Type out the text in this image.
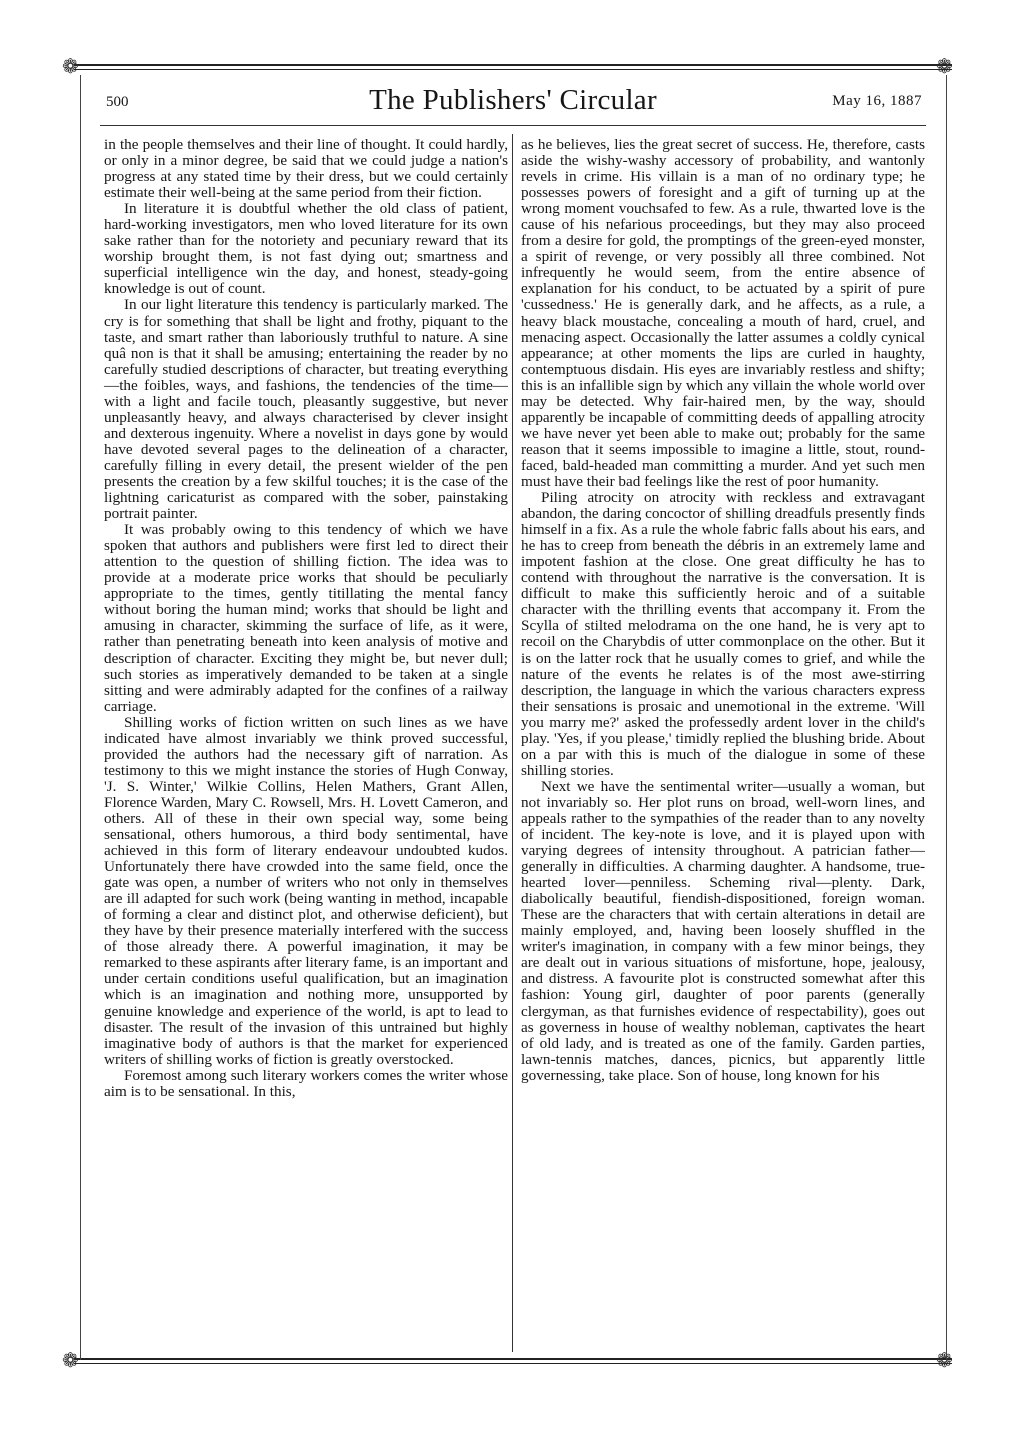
❁	❁
❁	❁
500	The Publishers' Circular	May 16, 1887

in the people themselves and their line of thought. It could hardly, or only in a minor degree, be said that we could judge a nation's progress at any stated time by their dress, but we could certainly estimate their well-being at the same period from their fiction.

In literature it is doubtful whether the old class of patient, hard-working investigators, men who loved literature for its own sake rather than for the notoriety and pecuniary reward that its worship brought them, is not fast dying out; smartness and superficial intelligence win the day, and honest, steady-going knowledge is out of count.

In our light literature this tendency is particularly marked. The cry is for something that shall be light and frothy, piquant to the taste, and smart rather than laboriously truthful to nature. A sine quâ non is that it shall be amusing; entertaining the reader by no carefully studied descriptions of character, but treating everything—the foibles, ways, and fashions, the tendencies of the time—with a light and facile touch, pleasantly suggestive, but never unpleasantly heavy, and always characterised by clever insight and dexterous ingenuity. Where a novelist in days gone by would have devoted several pages to the delineation of a character, carefully filling in every detail, the present wielder of the pen presents the creation by a few skilful touches; it is the case of the lightning caricaturist as compared with the sober, painstaking portrait painter.

It was probably owing to this tendency of which we have spoken that authors and publishers were first led to direct their attention to the question of shilling fiction. The idea was to provide at a moderate price works that should be peculiarly appropriate to the times, gently titillating the mental fancy without boring the human mind; works that should be light and amusing in character, skimming the surface of life, as it were, rather than penetrating beneath into keen analysis of motive and description of character. Exciting they might be, but never dull; such stories as imperatively demanded to be taken at a single sitting and were admirably adapted for the confines of a railway carriage.

Shilling works of fiction written on such lines as we have indicated have almost invariably we think proved successful, provided the authors had the necessary gift of narration. As testimony to this we might instance the stories of Hugh Conway, 'J. S. Winter,' Wilkie Collins, Helen Mathers, Grant Allen, Florence Warden, Mary C. Rowsell, Mrs. H. Lovett Cameron, and others. All of these in their own special way, some being sensational, others humorous, a third body sentimental, have achieved in this form of literary endeavour undoubted kudos. Unfortunately there have crowded into the same field, once the gate was open, a number of writers who not only in themselves are ill adapted for such work (being wanting in method, incapable of forming a clear and distinct plot, and otherwise deficient), but they have by their presence materially interfered with the success of those already there. A powerful imagination, it may be remarked to these aspirants after literary fame, is an important and under certain conditions useful qualification, but an imagination which is an imagination and nothing more, unsupported by genuine knowledge and experience of the world, is apt to lead to disaster. The result of the invasion of this untrained but highly imaginative body of authors is that the market for experienced writers of shilling works of fiction is greatly overstocked.

Foremost among such literary workers comes the writer whose aim is to be sensational. In this,

as he believes, lies the great secret of success. He, therefore, casts aside the wishy-washy accessory of probability, and wantonly revels in crime. His villain is a man of no ordinary type; he possesses powers of foresight and a gift of turning up at the wrong moment vouchsafed to few. As a rule, thwarted love is the cause of his nefarious proceedings, but they may also proceed from a desire for gold, the promptings of the green-eyed monster, a spirit of revenge, or very possibly all three combined. Not infrequently he would seem, from the entire absence of explanation for his conduct, to be actuated by a spirit of pure 'cussedness.' He is generally dark, and he affects, as a rule, a heavy black moustache, concealing a mouth of hard, cruel, and menacing aspect. Occasionally the latter assumes a coldly cynical appearance; at other moments the lips are curled in haughty, contemptuous disdain. His eyes are invariably restless and shifty; this is an infallible sign by which any villain the whole world over may be detected. Why fair-haired men, by the way, should apparently be incapable of committing deeds of appalling atrocity we have never yet been able to make out; probably for the same reason that it seems impossible to imagine a little, stout, round-faced, bald-headed man committing a murder. And yet such men must have their bad feelings like the rest of poor humanity.

Piling atrocity on atrocity with reckless and extravagant abandon, the daring concoctor of shilling dreadfuls presently finds himself in a fix. As a rule the whole fabric falls about his ears, and he has to creep from beneath the débris in an extremely lame and impotent fashion at the close. One great difficulty he has to contend with throughout the narrative is the conversation. It is difficult to make this sufficiently heroic and of a suitable character with the thrilling events that accompany it. From the Scylla of stilted melodrama on the one hand, he is very apt to recoil on the Charybdis of utter commonplace on the other. But it is on the latter rock that he usually comes to grief, and while the nature of the events he relates is of the most awe-stirring description, the language in which the various characters express their sensations is prosaic and unemotional in the extreme. 'Will you marry me?' asked the professedly ardent lover in the child's play. 'Yes, if you please,' timidly replied the blushing bride. About on a par with this is much of the dialogue in some of these shilling stories.

Next we have the sentimental writer—usually a woman, but not invariably so. Her plot runs on broad, well-worn lines, and appeals rather to the sympathies of the reader than to any novelty of incident. The key-note is love, and it is played upon with varying degrees of intensity throughout. A patrician father—generally in difficulties. A charming daughter. A handsome, true-hearted lover—penniless. Scheming rival—plenty. Dark, diabolically beautiful, fiendish-dispositioned, foreign woman. These are the characters that with certain alterations in detail are mainly employed, and, having been loosely shuffled in the writer's imagination, in company with a few minor beings, they are dealt out in various situations of misfortune, hope, jealousy, and distress. A favourite plot is constructed somewhat after this fashion: Young girl, daughter of poor parents (generally clergyman, as that furnishes evidence of respectability), goes out as governess in house of wealthy nobleman, captivates the heart of old lady, and is treated as one of the family. Garden parties, lawn-tennis matches, dances, picnics, but apparently little governessing, take place. Son of house, long known for his
